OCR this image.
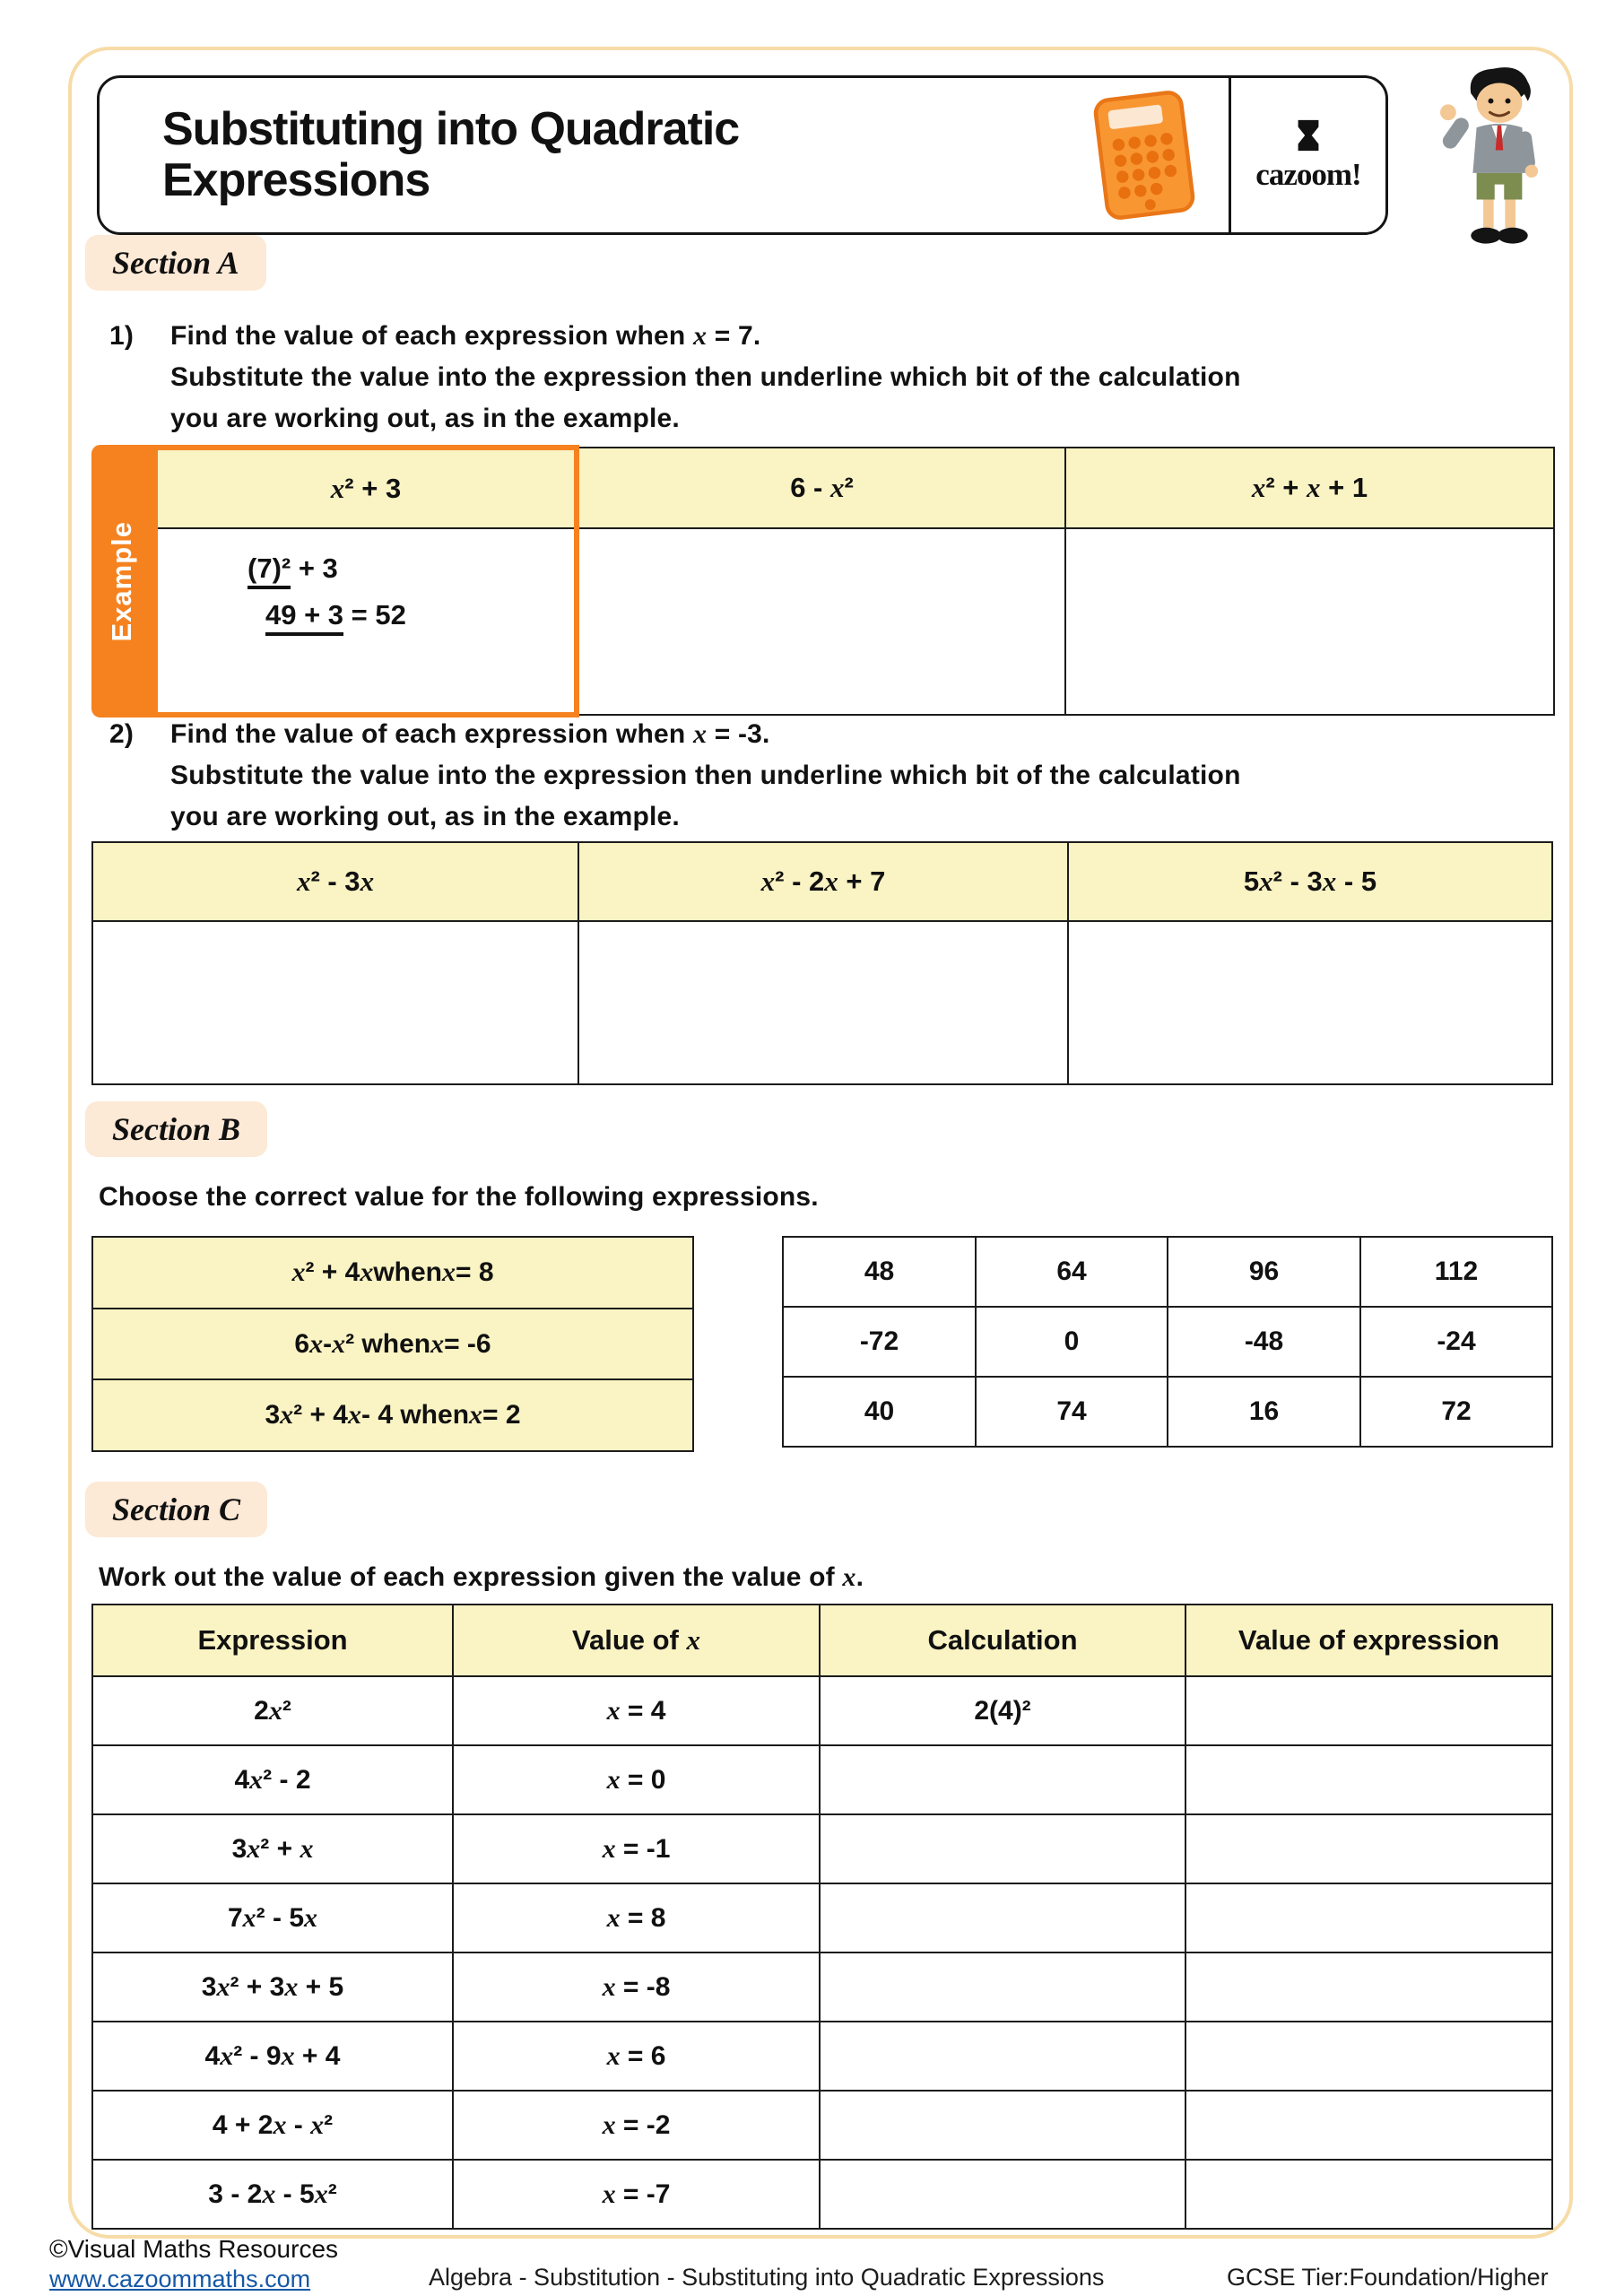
Substituting into Quadratic
Expressions	cazoom!
Section A
1)	Find the value of each expression when x = 7.
Substitute the value into the expression then underline which bit of the calculation
you are working out, as in the example.
Example
x² + 3	6 - x²	x² + x + 1

(7)² + 3
49 + 3 = 52		

2)	Find the value of each expression when x = -3.
Substitute the value into the expression then underline which bit of the calculation
you are working out, as in the example.
x² - 3x	x² - 2x + 7	5x² - 3x - 5

Section B
Choose the correct value for the following expressions.
x ² + 4 x when x = 8
6 x - x ² when x = -6
3 x ² + 4 x - 4 when x = 2
48	64	96	112
-72	0	-48	-24
40	74	16	72
Section C
Work out the value of each expression given the value of x.
Expression	Value of x	Calculation	Value of expression
2x²	x = 4	2(4)²	
4x² - 2	x = 0		
3x² + x	x = -1		
7x² - 5x	x = 8		
3x² + 3x + 5	x = -8		
4x² - 9x + 4	x = 6		
4 + 2x - x²	x = -2		
3 - 2x - 5x²	x = -7		
©Visual Maths Resources
www.cazoommaths.com	Algebra - Substitution - Substituting into Quadratic Expressions	GCSE Tier:Foundation/Higher
